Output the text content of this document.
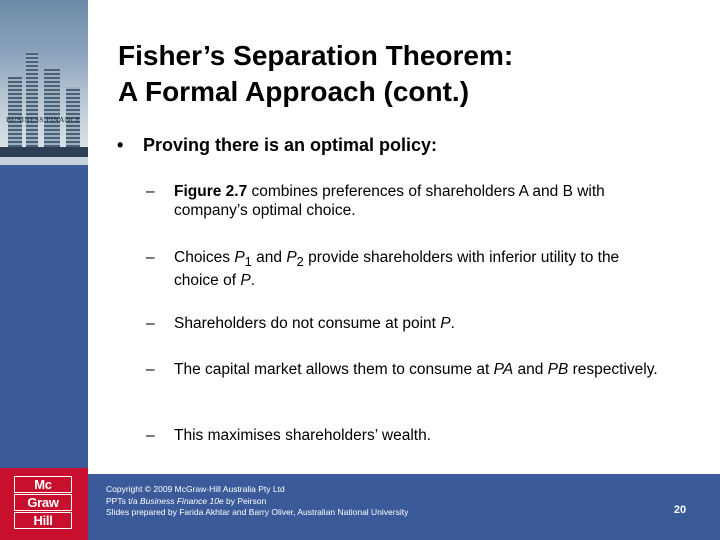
BUSINESS FINANCE
Mc
Graw
Hill
Fisher’s Separation Theorem:
A Formal Approach (cont.)
• Proving there is an optimal policy:
–	Figure 2.7 combines preferences of shareholders A and B with company’s optimal choice.
–	Choices $P_1$ and $P_2$ provide shareholders with inferior utility to the choice of P.
–	Shareholders do not consume at point P.
–	The capital market allows them to consume at PA and PB respectively.
–	This maximises shareholders’ wealth.
Copyright © 2009 McGraw-Hill Australia Pty Ltd
PPTs t/a Business Finance 10e by Peirson
Slides prepared by Farida Akhtar and Barry Oliver, Australian National University	20
